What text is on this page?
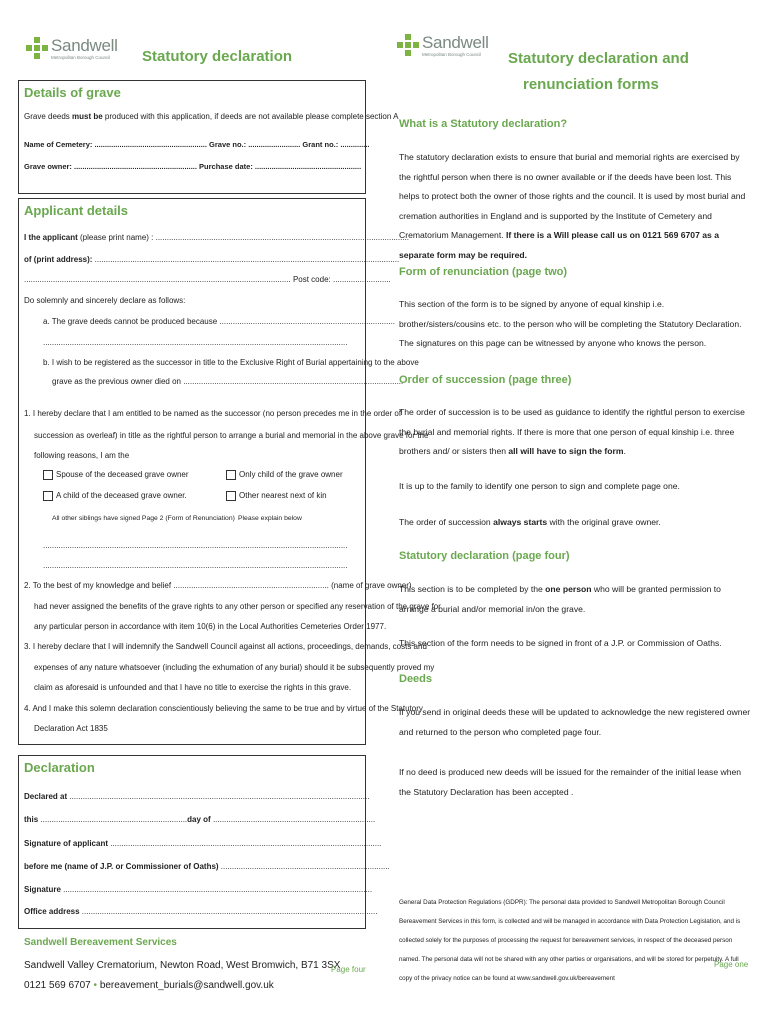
Sandwell
Metropolitan Borough Council	Statutory declaration
Details of grave
Grave deeds must be produced with this application, if deeds are not available please complete section A
Name of Cemetery: ...................................................... Grave no.: ......................... Grant no.: ..............
Grave owner: ........................................................... Purchase date: ...................................................
Applicant details
I the applicant (please print name) : ..................................................................................................................
of (print address): .........................................................................................................................................
........................................................................................................................ Post code: ..........................
Do solemnly and sincerely declare as follows:
a. The grave deeds cannot be produced because ...............................................................................
.........................................................................................................................................
b. I wish to be registered as the successor in title to the Exclusive Right of Burial appertaining to the above
grave as the previous owner died on ...................................................................................................
1. I hereby declare that I am entitled to be named as the successor (no person precedes me in the order of
succession as overleaf) in title as the rightful person to arrange a burial and memorial in the above grave for the
following reasons, I am the
Spouse of the deceased grave owner	Only child of the grave owner
A child of the deceased grave owner.	Other nearest next of kin
All other siblings have signed Page 2 (Form of Renunciation) Please explain below
.........................................................................................................................................
.........................................................................................................................................
2. To the best of my knowledge and belief ...................................................................... (name of grave owner)
had never assigned the benefits of the grave rights to any other person or specified any reservation of the grave for
any particular person in accordance with item 10(6) in the Local Authorities Cemeteries Order 1977.
3. I hereby declare that I will indemnify the Sandwell Council against all actions, proceedings, demands, costs and
expenses of any nature whatsoever (including the exhumation of any burial) should it be subsequently proved my
claim as aforesaid is unfounded and that I have no title to exercise the rights in this grave.
4. And I make this solemn declaration conscientiously believing the same to be true and by virtue of the Statutory
Declaration Act 1835
Declaration
Declared at .......................................................................................................................................
this ..................................................................day of .........................................................................
Signature of applicant ..........................................................................................................................
before me (name of J.P. or Commissioner of Oaths) ............................................................................
Signature ...........................................................................................................................................
Office address .....................................................................................................................................
Sandwell Bereavement Services
Sandwell Valley Crematorium, Newton Road, West Bromwich, B71 3SX
0121 569 6707 • bereavement_burials@sandwell.gov.uk
Page four
Sandwell
Metropolitan Borough Council	Statutory declaration and
renunciation forms
What is a Statutory declaration?
The statutory declaration exists to ensure that burial and memorial rights are exercised by the rightful person when there is no owner available or if the deeds have been lost. This helps to protect both the owner of those rights and the council. It is used by most burial and cremation authorities in England and is supported by the Institute of Cemetery and Crematorium Management. If there is a Will please call us on 0121 569 6707 as a separate form may be required.
Form of renunciation (page two)
This section of the form is to be signed by anyone of equal kinship i.e. brother/sisters/cousins etc. to the person who will be completing the Statutory Declaration. The signatures on this page can be witnessed by anyone who knows the person.
Order of succession (page three)
The order of succession is to be used as guidance to identify the rightful person to exercise the burial and memorial rights. If there is more that one person of equal kinship i.e. three brothers and/ or sisters then all will have to sign the form.
It is up to the family to identify one person to sign and complete page one.
The order of succession always starts with the original grave owner.
Statutory declaration (page four)
This section is to be completed by the one person who will be granted permission to arrange a burial and/or memorial in/on the grave.
This section of the form needs to be signed in front of a J.P. or Commission of Oaths.
Deeds
If you send in original deeds these will be updated to acknowledge the new registered owner and returned to the person who completed page four.
If no deed is produced new deeds will be issued for the remainder of the initial lease when the Statutory Declaration has been accepted .
General Data Protection Regulations (GDPR): The personal data provided to Sandwell Metropolitan Borough Council Bereavement Services in this form, is collected and will be managed in accordance with Data Protection Legislation, and is collected solely for the purposes of processing the request for bereavement services, in respect of the deceased person named. The personal data will not be shared with any other parties or organisations, and will be stored for perpetuity. A full copy of the privacy notice can be found at www.sandwell.gov.uk/bereavement
Page one
